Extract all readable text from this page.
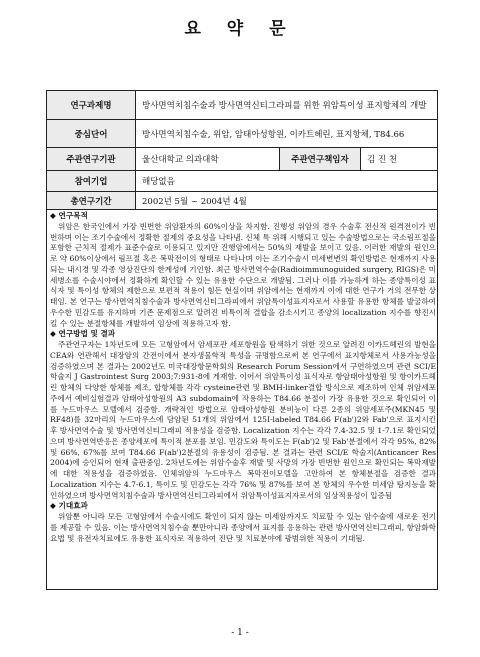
요 약 문
연구과제명	방사면역치침수술과 방사면역신티그라피를 위한 위암특이성 표지항체의 개발
중심단어	방사면역치침수술, 위암, 암태아성항원, 이카트헤린, 표지항체, T84.66
주관연구기관	울산대학교 의과대학	주관연구책임자	김 진 천
참여기업	해당없음
총연구기간	2002년 5월 ~ 2004년 4월

◆ 연구목적

위암은 한국인에서 가장 빈번한 위암환자의 60%이상을 차지함. 진행성 위암의 경우 수술후 전신적 원격전이가 빈번하며 이는 조기수술에서 정확한 절제의 중요성을 나타냄. 신체 특 위해 시행되고 있는 수술방법으로는 국소림프절을 포함한 근치적 절제가 표준수술로 이용되고 있지만 진행암에서는 50%의 재발을 보이고 있음. 이러한 재발의 원인으로 약 60%이상에서 림프절 혹은 복막전이의 형태로 나타나며 이는 조기수술시 미세변변의 확인방법은 현재까지 사용되는 내시경 및 각종 영상진단의 한계성에 기인함. 최근 방사면역수술(Radioimmunoguided surgery, RIGS)은 미세병소를 수술시야에서 정확하게 확인할 수 있는 유용한 수단으로 개발됨. 그러나 이를 가능하게 하는 종양특이성 표식자 및 특이성 항체의 제한으로 보편적 적용이 힘든 현실이며 위암에서는 현재까지 이에 대한 연구가 거의 전무한 상태임. 본 연구는 방사면역치침수술과 방사면역신티그라피에서 위암특이성표지자로서 사용할 유용한 항체를 발굴하여 우수한 민감도를 유지하며 기존 문제점으로 알려진 비특이적 결합을 감소시키고 종양의 localization 지수를 향진시킬 수 있는 분절항체를 개발하여 임상에 적용하고자 함.

◆ 연구방법 및 결과

주관연구자는 1차년도에 모든 고형암에서 암세포관 세포항원을 탐색하기 위한 것으로 알려진 이카드헤린의 발현을 CEA와 연관해서 대장암의 간전이에서 분자생물학적 특성을 규명함으로써 본 연구에서 표지항체로서 사용가능성을 검증하였으며 본 결과는 2002년도 미국대장항문학회의 Research Forum Session에서 구연하였으며 관련 SCI/E 학술지 J Gastrointest Surg 2003;7:931-8에 게재함. 이어서 위암특이성 표식자로 항암태아성항원 및 항이카드헤린 항체의 다양한 항체를 제조, 합항체를 각각 cysteine관련 및 BMH-linker결합 방식으로 제조하여 인체 위암세포주에서 예비실험결과 암태아성항원의 A3 subdomain에 작용하는 T84.66 분절이 가장 유용한 것으로 확인되어 이를 누드마우스 모델에서 검증함. 개략적인 방법으로 암태아성항원 분비능이 다른 2종의 위암세포주(MKN45 및 RF48)를 32마리의 누드마우스에 담암된 51개의 위암에서 125I-labeled T84.66 F(ab')2와 Fab'으로 표지시킨 후 방사면역수술 및 방사면역신티그래피 적용성을 검증함. Localization 지수는 각각 7.4-32.5 및 1-7.1로 확인되었으며 방사면역반응은 종양세포에 특이적 분포를 보임. 민감도와 특이도는 F(ab')2 및 Fab'분절에서 각각 95%, 82% 및 66%, 67%를 보여 T84.66 F(ab')2분절의 유용성이 검증됨. 본 결과는 관련 SCI/E 학술지(Anticancer Res 2004)에 승인되어 현재 출판중임. 2차년도에는 위암수술후 재발 및 사망의 가장 빈번한 원인으로 확인되는 복막재발에 대한 적용성을 검증하였음. 인체위암의 누드마우스 복막전이모델을 고안하여 본 항체분절을 검증한 결과 Localization 지수는 4.7-6.1, 특이도 및 민감도는 각각 76% 및 87%를 보여 본 항체의 우수한 미세암 탐지능을 확인하였으며 방사면역치침수술과 방사면역신티그라피에서 위암특이성표지자로서의 임상적용성이 입증됨

◆ 기대효과

위암뿐 아니라 모든 고형암에서 수술시에도 확인이 되지 않는 미세암까지도 치료할 수 있는 암수술에 새로운 전기를 제공할 수 있음. 이는 방사면역치침수술 뿐만아니라 종양에서 표지를 응용하는 관련 방사면역신티그래피, 항암화학요법 및 유전자치료에도 유용한 표식자로 적용하여 진단 및 치료분야에 광범위한 적용이 기대됨.

- 1 -
